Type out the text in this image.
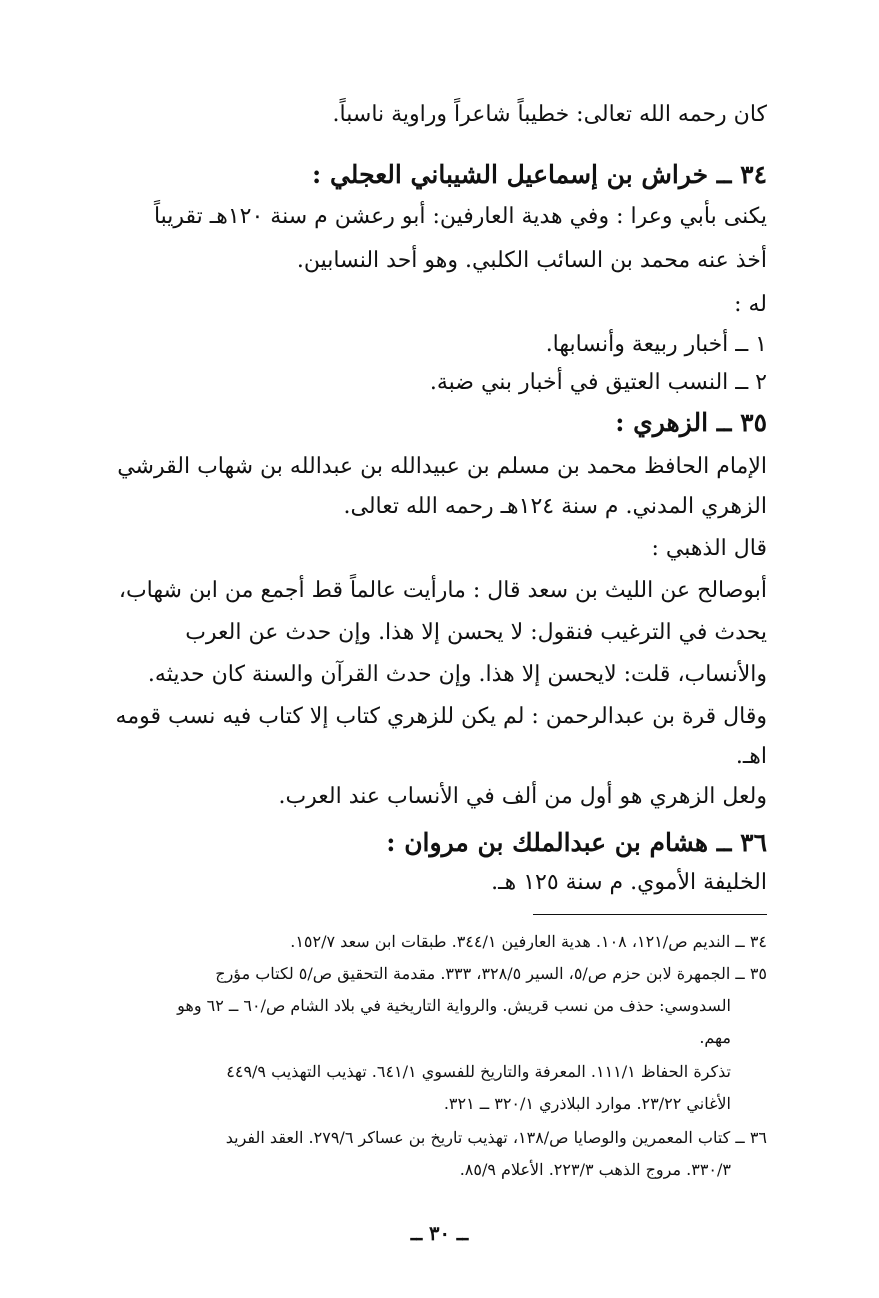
كان رحمه الله تعالى: خطيباً شاعراً وراوية ناسباً.
٣٤ ــ خراش بن إسماعيل الشيباني العجلي :
يكنى بأبي وعرا : وفي هدية العارفين: أبو رعشن م سنة ١٢٠هـ تقريباً
أخذ عنه محمد بن السائب الكلبي. وهو أحد النسابين.
له :
١ ــ أخبار ربيعة وأنسابها.
٢ ــ النسب العتيق في أخبار بني ضبة.
٣٥ ــ الزهري :
الإمام الحافظ محمد بن مسلم بن عبيدالله بن عبدالله بن شهاب القرشي
الزهري المدني. م سنة ١٢٤هـ رحمه الله تعالى.
قال الذهبي :
أبوصالح عن الليث بن سعد قال : مارأيت عالماً قط أجمع من ابن شهاب،
يحدث في الترغيب فنقول: لا يحسن إلا هذا. وإن حدث عن العرب
والأنساب، قلت: لايحسن إلا هذا. وإن حدث القرآن والسنة كان حديثه.
وقال قرة بن عبدالرحمن : لم يكن للزهري كتاب إلا كتاب فيه نسب قومه
اهـ.
ولعل الزهري هو أول من ألف في الأنساب عند العرب.
٣٦ ــ هشام بن عبدالملك بن مروان :
الخليفة الأموي. م سنة ١٢٥ هـ.
٣٤ ــ النديم ص/١٢١، ١٠٨. هدية العارفين ٣٤٤/١. طبقات ابن سعد ١٥٢/٧.
٣٥ ــ الجمهرة لابن حزم ص/٥، السير ٣٢٨/٥، ٣٣٣. مقدمة التحقيق ص/٥ لكتاب مؤرج
السدوسي: حذف من نسب قريش. والرواية التاريخية في بلاد الشام ص/٦٠ ــ ٦٢ وهو
مهم.
تذكرة الحفاظ ١١١/١. المعرفة والتاريخ للفسوي ٦٤١/١. تهذيب التهذيب ٤٤٩/٩
الأغاني ٢٣/٢٢. موارد البلاذري ٣٢٠/١ ــ ٣٢١.
٣٦ ــ كتاب المعمرين والوصايا ص/١٣٨، تهذيب تاريخ بن عساكر ٢٧٩/٦. العقد الفريد
٣٣٠/٣. مروج الذهب ٢٢٣/٣. الأعلام ٨٥/٩.
ــ ٣٠ ــ
